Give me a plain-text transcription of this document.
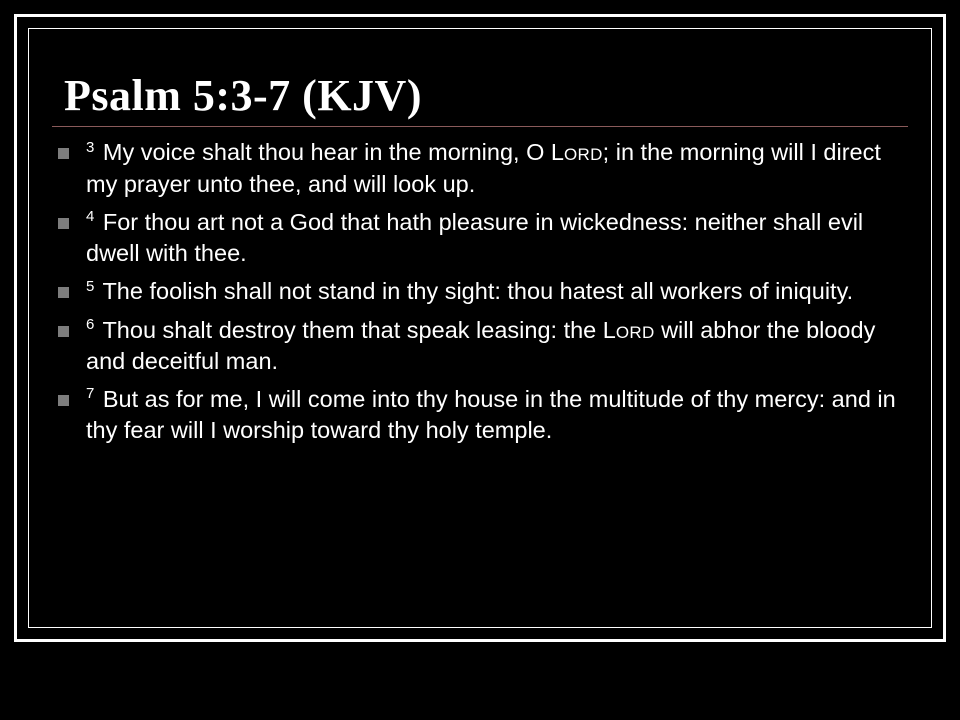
Psalm 5:3-7 (KJV)
$^3$ My voice shalt thou hear in the morning, O LORD; in the morning will I direct my prayer unto thee, and will look up.
$^4$ For thou art not a God that hath pleasure in wickedness: neither shall evil dwell with thee.
$^5$ The foolish shall not stand in thy sight: thou hatest all workers of iniquity.
$^6$ Thou shalt destroy them that speak leasing: the LORD will abhor the bloody and deceitful man.
$^7$ But as for me, I will come into thy house in the multitude of thy mercy: and in thy fear will I worship toward thy holy temple.
